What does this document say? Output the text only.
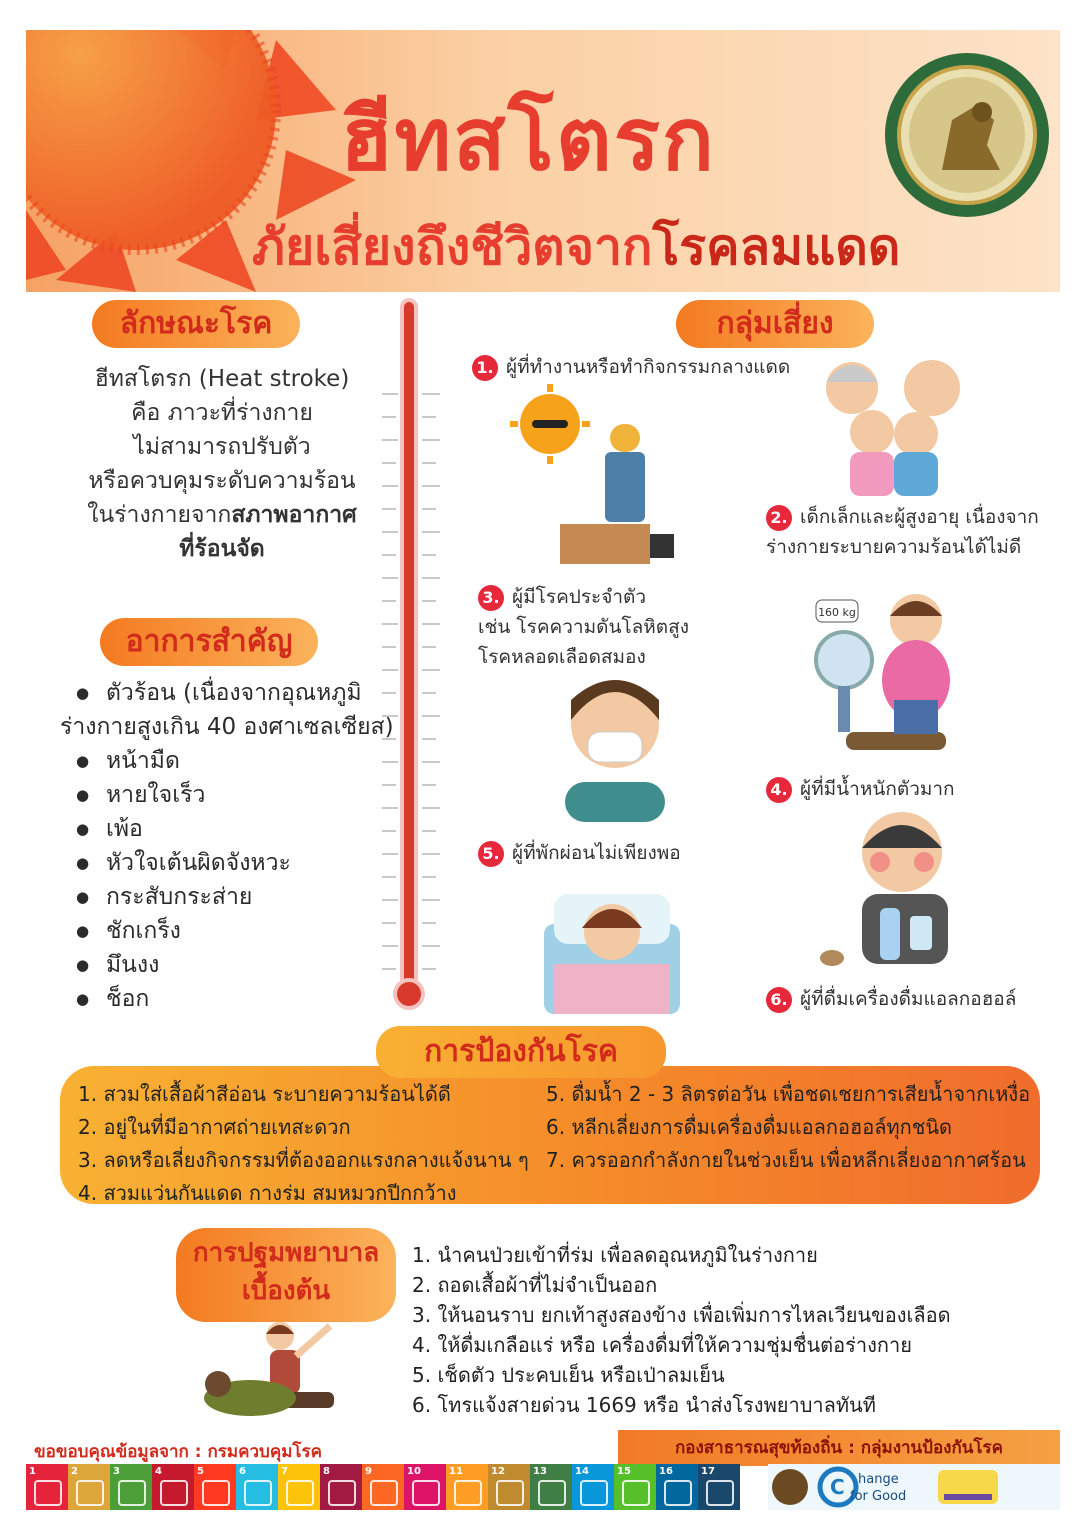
ฮีทสโตรก
ภัยเสี่ยงถึงชีวิตจากโรคลมแดด
ลักษณะโรค
ฮีทสโตรก (Heat stroke)
คือ ภาวะที่ร่างกาย
ไม่สามารถปรับตัว
หรือควบคุมระดับความร้อน
ในร่างกายจากสภาพอากาศ
ที่ร้อนจัด
อาการสำคัญ
● ตัวร้อน (เนื่องจากอุณหภูมิ
ร่างกายสูงเกิน 40 องศาเซลเซียส)
● หน้ามืด
● หายใจเร็ว
● เพ้อ
● หัวใจเต้นผิดจังหวะ
● กระสับกระส่าย
● ชักเกร็ง
● มึนงง
● ช็อก
กลุ่มเสี่ยง
1. ผู้ที่ทำงานหรือทำกิจกรรมกลางแดด
2. เด็กเล็กและผู้สูงอายุ เนื่องจาก
ร่างกายระบายความร้อนได้ไม่ดี
3. ผู้มีโรคประจำตัว
เช่น โรคความดันโลหิตสูง
โรคหลอดเลือดสมอง
160 kg
4. ผู้ที่มีน้ำหนักตัวมาก
5. ผู้ที่พักผ่อนไม่เพียงพอ
6. ผู้ที่ดื่มเครื่องดื่มแอลกอฮอล์
การป้องกันโรค
1. สวมใส่เสื้อผ้าสีอ่อน ระบายความร้อนได้ดี
2. อยู่ในที่มีอากาศถ่ายเทสะดวก
3. ลดหรือเลี่ยงกิจกรรมที่ต้องออกแรงกลางแจ้งนาน ๆ
4. สวมแว่นกันแดด กางร่ม สมหมวกปีกกว้าง
5. ดื่มน้ำ 2 - 3 ลิตรต่อวัน เพื่อชดเชยการเสียน้ำจากเหงื่อ
6. หลีกเลี่ยงการดื่มเครื่องดื่มแอลกอฮอล์ทุกชนิด
7. ควรออกกำลังกายในช่วงเย็น เพื่อหลีกเลี่ยงอากาศร้อน
การปฐมพยาบาล
เบื้องต้น
1. นำคนป่วยเข้าที่ร่ม เพื่อลดอุณหภูมิในร่างกาย
2. ถอดเสื้อผ้าที่ไม่จำเป็นออก
3. ให้นอนราบ ยกเท้าสูงสองข้าง เพื่อเพิ่มการไหลเวียนของเลือด
4. ให้ดื่มเกลือแร่ หรือ เครื่องดื่มที่ให้ความชุ่มชื่นต่อร่างกาย
5. เช็ดตัว ประคบเย็น หรือเป่าลมเย็น
6. โทรแจ้งสายด่วน 1669 หรือ นำส่งโรงพยาบาลทันที
ขอขอบคุณข้อมูลจาก : กรมควบคุมโรค	กองสาธารณสุขท้องถิ่น : กลุ่มงานป้องกันโรค
1	2	3	4	5	6	7	8	9	10	11	12	13	14	15	16	17
C hange
for Good
